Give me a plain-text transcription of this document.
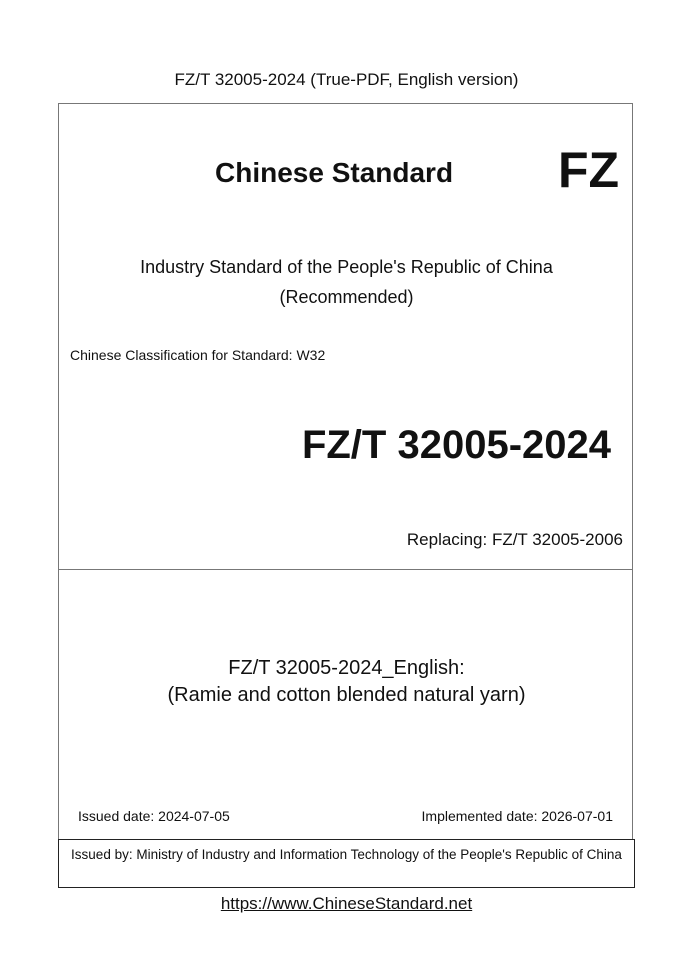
FZ/T 32005-2024 (True-PDF, English version)
Chinese Standard FZ
Industry Standard of the People's Republic of China
(Recommended)
Chinese Classification for Standard: W32
FZ/T 32005-2024
Replacing: FZ/T 32005-2006
FZ/T 32005-2024_English:
(Ramie and cotton blended natural yarn)
Issued date: 2024-07-05	Implemented date: 2026-07-01
Issued by: Ministry of Industry and Information Technology of the People's Republic of China
https://www.ChineseStandard.net
